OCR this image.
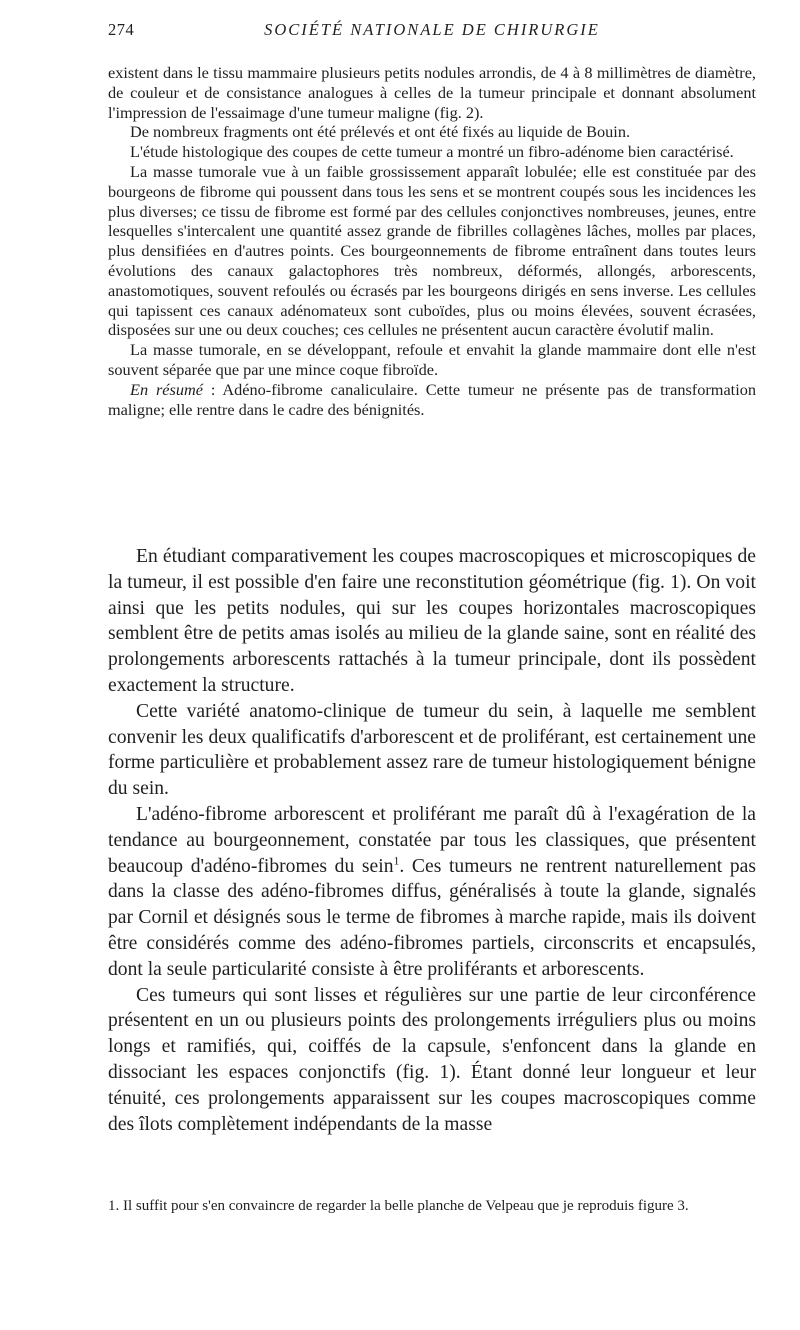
274	SOCIÉTÉ NATIONALE DE CHIRURGIE

existent dans le tissu mammaire plusieurs petits nodules arrondis, de 4 à 8 millimètres de diamètre, de couleur et de consistance analogues à celles de la tumeur principale et donnant absolument l'impression de l'essaimage d'une tumeur maligne (fig. 2).

De nombreux fragments ont été prélevés et ont été fixés au liquide de Bouin.

L'étude histologique des coupes de cette tumeur a montré un fibro-adénome bien caractérisé.

La masse tumorale vue à un faible grossissement apparaît lobulée; elle est constituée par des bourgeons de fibrome qui poussent dans tous les sens et se montrent coupés sous les incidences les plus diverses; ce tissu de fibrome est formé par des cellules conjonctives nombreuses, jeunes, entre lesquelles s'intercalent une quantité assez grande de fibrilles collagènes lâches, molles par places, plus densifiées en d'autres points. Ces bourgeonnements de fibrome entraînent dans toutes leurs évolutions des canaux galactophores très nombreux, déformés, allongés, arborescents, anastomotiques, souvent refoulés ou écrasés par les bourgeons dirigés en sens inverse. Les cellules qui tapissent ces canaux adénomateux sont cuboïdes, plus ou moins élevées, souvent écrasées, disposées sur une ou deux couches; ces cellules ne présentent aucun caractère évolutif malin.

La masse tumorale, en se développant, refoule et envahit la glande mammaire dont elle n'est souvent séparée que par une mince coque fibroïde.

En résumé : Adéno-fibrome canaliculaire. Cette tumeur ne présente pas de transformation maligne; elle rentre dans le cadre des bénignités.

En étudiant comparativement les coupes macroscopiques et microscopiques de la tumeur, il est possible d'en faire une reconstitution géométrique (fig. 1). On voit ainsi que les petits nodules, qui sur les coupes horizontales macroscopiques semblent être de petits amas isolés au milieu de la glande saine, sont en réalité des prolongements arborescents rattachés à la tumeur principale, dont ils possèdent exactement la structure.

Cette variété anatomo-clinique de tumeur du sein, à laquelle me semblent convenir les deux qualificatifs d'arborescent et de proliférant, est certainement une forme particulière et probablement assez rare de tumeur histologiquement bénigne du sein.

L'adéno-fibrome arborescent et proliférant me paraît dû à l'exagération de la tendance au bourgeonnement, constatée par tous les classiques, que présentent beaucoup d'adéno-fibromes du sein$^1$. Ces tumeurs ne rentrent naturellement pas dans la classe des adéno-fibromes diffus, généralisés à toute la glande, signalés par Cornil et désignés sous le terme de fibromes à marche rapide, mais ils doivent être considérés comme des adéno-fibromes partiels, circonscrits et encapsulés, dont la seule particularité consiste à être proliférants et arborescents.

Ces tumeurs qui sont lisses et régulières sur une partie de leur circonférence présentent en un ou plusieurs points des prolongements irréguliers plus ou moins longs et ramifiés, qui, coiffés de la capsule, s'enfoncent dans la glande en dissociant les espaces conjonctifs (fig. 1). Étant donné leur longueur et leur ténuité, ces prolongements apparaissent sur les coupes macroscopiques comme des îlots complètement indépendants de la masse

1. Il suffit pour s'en convaincre de regarder la belle planche de Velpeau que je reproduis figure 3.
